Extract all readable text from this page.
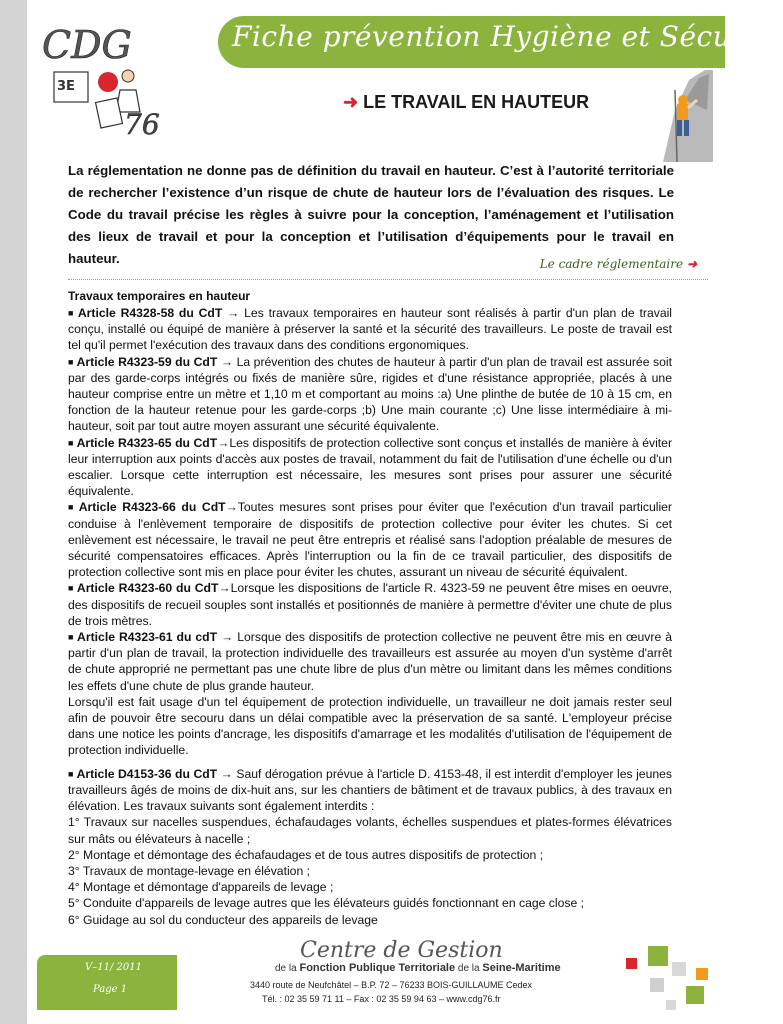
CDG
3E
76
Fiche prévention Hygiène et Sécurité
➜ LE TRAVAIL EN HAUTEUR
La réglementation ne donne pas de définition du travail en hauteur. C’est à l’autorité territoriale de rechercher l’existence d’un risque de chute de hauteur lors de l’évaluation des risques. Le Code du travail précise les règles à suivre pour la conception, l’aménagement et l’utilisation des lieux de travail et pour la conception et l’utilisation d’équipements pour le travail en hauteur.	Le cadre réglementaire ➜
Travaux temporaires en hauteur

■ Article R4328-58 du CdT → Les travaux temporaires en hauteur sont réalisés à partir d'un plan de travail conçu, installé ou équipé de manière à préserver la santé et la sécurité des travailleurs. Le poste de travail est tel qu'il permet l'exécution des travaux dans des conditions ergonomiques.

■ Article R4323-59 du CdT → La prévention des chutes de hauteur à partir d'un plan de travail est assurée soit par des garde-corps intégrés ou fixés de manière sûre, rigides et d'une résistance appropriée, placés à une hauteur comprise entre un mètre et 1,10 m et comportant au moins :a) Une plinthe de butée de 10 à 15 cm, en fonction de la hauteur retenue pour les garde-corps ;b) Une main courante ;c) Une lisse intermédiaire à mi-hauteur, soit par tout autre moyen assurant une sécurité équivalente.

■ Article R4323-65 du CdT→Les dispositifs de protection collective sont conçus et installés de manière à éviter leur interruption aux points d'accès aux postes de travail, notamment du fait de l'utilisation d'une échelle ou d'un escalier. Lorsque cette interruption est nécessaire, les mesures sont prises pour assurer une sécurité équivalente.

■ Article R4323-66 du CdT→Toutes mesures sont prises pour éviter que l'exécution d'un travail particulier conduise à l'enlèvement temporaire de dispositifs de protection collective pour éviter les chutes. Si cet enlèvement est nécessaire, le travail ne peut être entrepris et réalisé sans l'adoption préalable de mesures de sécurité compensatoires efficaces. Après l'interruption ou la fin de ce travail particulier, des dispositifs de protection collective sont mis en place pour éviter les chutes, assurant un niveau de sécurité équivalent.

■ Article R4323-60 du CdT→Lorsque les dispositions de l'article R. 4323-59 ne peuvent être mises en oeuvre, des dispositifs de recueil souples sont installés et positionnés de manière à permettre d'éviter une chute de plus de trois mètres.

■ Article R4323-61 du cdT → Lorsque des dispositifs de protection collective ne peuvent être mis en œuvre à partir d'un plan de travail, la protection individuelle des travailleurs est assurée au moyen d'un système d'arrêt de chute approprié ne permettant pas une chute libre de plus d'un mètre ou limitant dans les mêmes conditions les effets d'une chute de plus grande hauteur.

Lorsqu'il est fait usage d'un tel équipement de protection individuelle, un travailleur ne doit jamais rester seul afin de pouvoir être secouru dans un délai compatible avec la préservation de sa santé. L'employeur précise dans une notice les points d'ancrage, les dispositifs d'amarrage et les modalités d'utilisation de l'équipement de protection individuelle.

■ Article D4153-36 du CdT → Sauf dérogation prévue à l'article D. 4153-48, il est interdit d'employer les jeunes travailleurs âgés de moins de dix-huit ans, sur les chantiers de bâtiment et de travaux publics, à des travaux en élévation. Les travaux suivants sont également interdits :

1° Travaux sur nacelles suspendues, échafaudages volants, échelles suspendues et plates-formes élévatrices sur mâts ou élévateurs à nacelle ;

2° Montage et démontage des échafaudages et de tous autres dispositifs de protection ;

3° Travaux de montage-levage en élévation ;

4° Montage et démontage d'appareils de levage ;

5° Conduite d'appareils de levage autres que les élévateurs guidés fonctionnant en cage close ;

6° Guidage au sol du conducteur des appareils de levage

V–11/ 2011
Page 1
Centre de Gestion
de la Fonction Publique Territoriale de la Seine-Maritime
3440 route de Neufchâtel – B.P. 72 – 76233 BOIS-GUILLAUME Cedex
Tél. : 02 35 59 71 11 – Fax : 02 35 59 94 63 – www.cdg76.fr
